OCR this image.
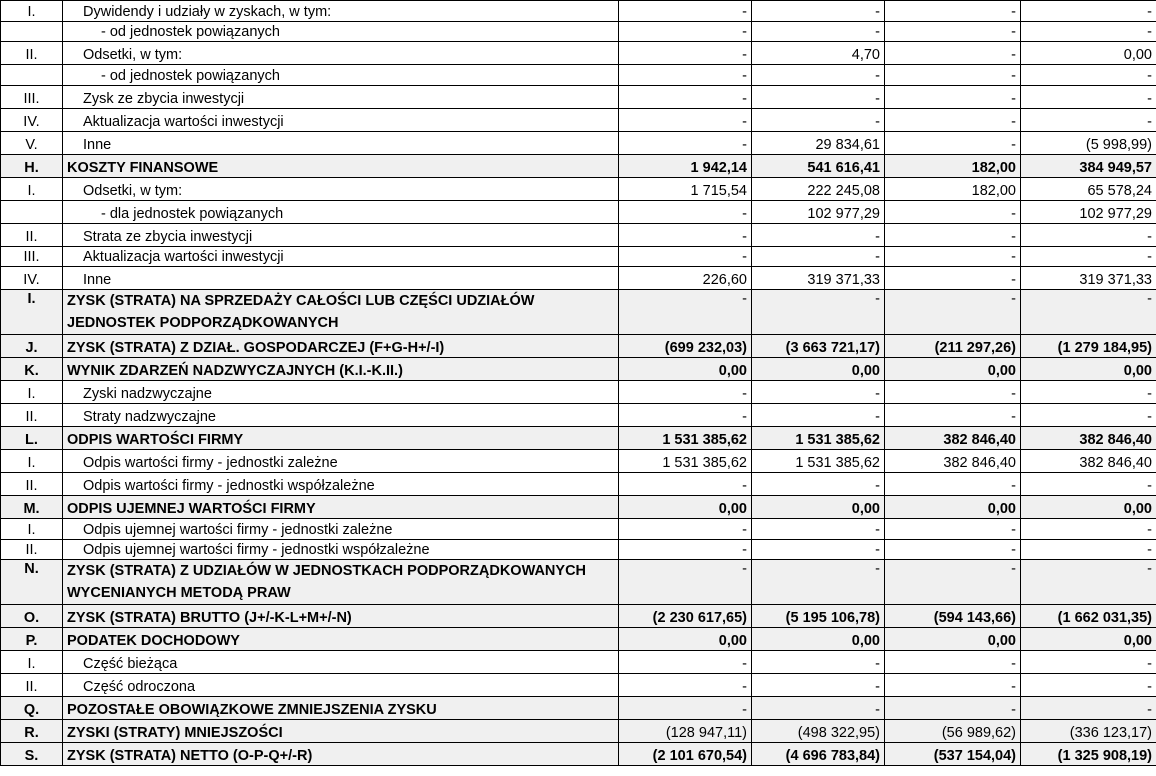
I.	Dywidendy i udziały w zyskach, w tym:	-	-	-	-
	- od jednostek powiązanych	-	-	-	-
II.	Odsetki, w tym:	-	4,70	-	0,00
	- od jednostek powiązanych	-	-	-	-
III.	Zysk ze zbycia inwestycji	-	-	-	-
IV.	Aktualizacja wartości inwestycji	-	-	-	-
V.	Inne	-	29 834,61	-	(5 998,99)
H.	KOSZTY FINANSOWE	1 942,14	541 616,41	182,00	384 949,57
I.	Odsetki, w tym:	1 715,54	222 245,08	182,00	65 578,24
	- dla jednostek powiązanych	-	102 977,29	-	102 977,29
II.	Strata ze zbycia inwestycji	-	-	-	-
III.	Aktualizacja wartości inwestycji	-	-	-	-
IV.	Inne	226,60	319 371,33	-	319 371,33
I.	ZYSK (STRATA) NA SPRZEDAŻY CAŁOŚCI LUB CZĘŚCI UDZIAŁÓW JEDNOSTEK PODPORZĄDKOWANYCH	-	-	-	-
J.	ZYSK (STRATA) Z DZIAŁ. GOSPODARCZEJ (F+G-H+/-I)	(699 232,03)	(3 663 721,17)	(211 297,26)	(1 279 184,95)
K.	WYNIK ZDARZEŃ NADZWYCZAJNYCH (K.I.-K.II.)	0,00	0,00	0,00	0,00
I.	Zyski nadzwyczajne	-	-	-	-
II.	Straty nadzwyczajne	-	-	-	-
L.	ODPIS WARTOŚCI FIRMY	1 531 385,62	1 531 385,62	382 846,40	382 846,40
I.	Odpis wartości firmy - jednostki zależne	1 531 385,62	1 531 385,62	382 846,40	382 846,40
II.	Odpis wartości firmy - jednostki współzależne	-	-	-	-
M.	ODPIS UJEMNEJ WARTOŚCI FIRMY	0,00	0,00	0,00	0,00
I.	Odpis ujemnej wartości firmy - jednostki zależne	-	-	-	-
II.	Odpis ujemnej wartości firmy - jednostki współzależne	-	-	-	-
N.	ZYSK (STRATA) Z UDZIAŁÓW W JEDNOSTKACH PODPORZĄDKOWANYCH WYCENIANYCH METODĄ PRAW	-	-	-	-
O.	ZYSK (STRATA) BRUTTO (J+/-K-L+M+/-N)	(2 230 617,65)	(5 195 106,78)	(594 143,66)	(1 662 031,35)
P.	PODATEK DOCHODOWY	0,00	0,00	0,00	0,00
I.	Część bieżąca	-	-	-	-
II.	Część odroczona	-	-	-	-
Q.	POZOSTAŁE OBOWIĄZKOWE ZMNIEJSZENIA ZYSKU	-	-	-	-
R.	ZYSKI (STRATY) MNIEJSZOŚCI	(128 947,11)	(498 322,95)	(56 989,62)	(336 123,17)
S.	ZYSK (STRATA) NETTO (O-P-Q+/-R)	(2 101 670,54)	(4 696 783,84)	(537 154,04)	(1 325 908,19)
